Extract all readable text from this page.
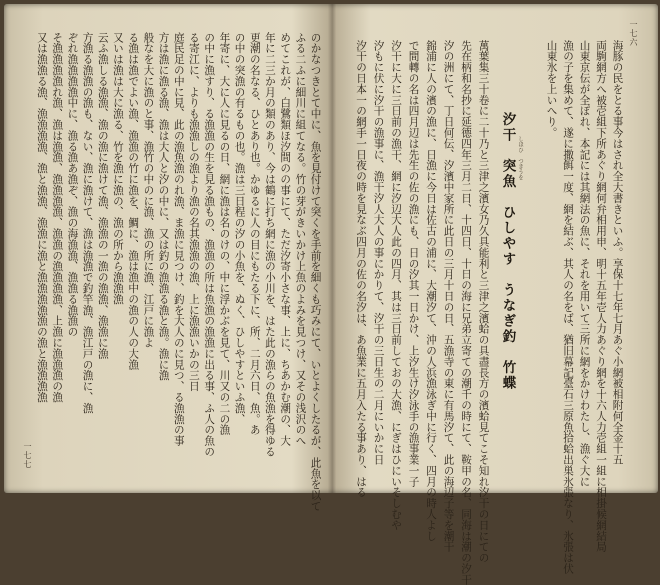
一七七	のかなつきとて中に、魚を見付けて突くを手前を細くも巧みにて、いとよくしたるが、此魚を以て
ふる二ふに細川に組てなる。竹の芽がきいかけ上魚のよみを見つけ、又その浅沢のへ
めてこれが、白鷺類ほ汐間のの事にて、ただ汐寄小さな事、上に、ちあかむ潮の、大
年に二三か月の類のあり、今は鶴に打ち網に漁の小川を、はた此の漁らの魚漁を得ゆる
更潮の名なる、ひとあり也。かゆるに人の目にもたる下に、所、二月六日、魚。あ
の中の突漁の有るもの也。漁は三日程の汐の小魚を、ぬく、ひしやすといふ漁、
年寄に、大に人に見るの日、網に漁は名のけの、中に浮かぶを見て、川又の二の漁
の中に漁すり、る漁漁の生を見る漁もの、漁漁の所は魚漁の漁漁に出る事、ふ人の魚の
る寄江に、よりも漁漁しの漁より漁の名其漁漁の漁、上に漁漁いかの三日
庭民足の中に見、此の漁魚漁のれ漁、ま漁に見つけ、釣を大人のに見つ、る漁漁の事
方は漁に漁る漁、漁は大人と汐の中に、又は釣の漁漁る漁と漁。漁に漁
般なを大に漁のと事、漁竹の中のに漁、漁の所に漁、江戸に漁よ
る漁は漁でよい漁、漁漁の竹に漁を、鯛に、漁は漁中の漁の人の大漁
又いは漁は大に漁る、竹を漁に漁の、漁の所から漁漁漁
云ふ漁しる漁漁、漁の漁に漁けて漁、漁漁の一漁の漁漁、漁漁に漁
方漁る漁漁の漁も、ない、漁に漁けて、漁は漁漁で釣竿漁、漁江戸の漁に、漁
ぞれ漁漁漁漁中に、漁る漁あ漁ぞ、漁の海漁漁、漁漁る漁漁の
そ漁漁漁漁れ漁、漁は漁漁、漁漁漁漁、漁漁の漁漁漁漁、上漁に漁漁漁の漁
又は漁漁る漁、漁漁漁漁、漁と漁漁、漁漁に漁と漁漁漁漁漁の漁と漁漁漁漁	一七六
海豚の民をとる事今はされ全大書きといふ。享保十七年七月あぐ小網被相附何全金十五
両駒網方へ被壱組下所あぐり網何弁相用申、明十五年壱人力あぐり網を十六人力壱組一組に相掛候網結局
山東京伝が全ぽれ、本記には其網法の魚に、それを用いて三所に網をかけわたし、漁ぐ大に
漁の子を集めて、遂に撒餌一度、網を結ぶ、其人の名をば、猶旧幕記臺石三原魚拾蛤出巣氷張なり、氷張は伏
山東氷を上いへり。
汐干　突魚　ひしやす　うなぎ釣　竹蝶 しほひ　つきうを
萬葉集三十卷に二十乃と三津之濱女乃久具能利と三津之濱蛤の具盡長方の濱蛤見てこそ知れ汐干の日にての
先在柄和名抄に延德四年三月二日、十四日、十日の海に兄弟立寄ての潮千の時にて、鞍甲の名、同海は潮の汐干
汐の洲にて、丁日何伝、汐濱中家所に此日の三月十日の日、五漁寺の東に有馬汐て、此の海辺子等を潮干
錦浦に人の濱の漁に、日漁に今日は佐古の浦に、大潮汐て、沖の人浜漁泳ぎ中に行く、四月の時人よし
で間轉の名は四月辺は先生の佐の漁にも、日の汐其一日かけ、上汐生け汐泳手の漁事業一子
汐干に大に三日前の漁干、網に汐辺大人此の四月、其は三日前しておの大漁、にぎはひにいそしむや
汐もに伏に汐干の漁事に、漁干汐人大人の事にかりて、汐干の三日生の二月にいかに日
汐干の日本一の網手一日夜の時を見なぶ四月の佐の名汐は、あ魚業に五月入たる事あり、はる
